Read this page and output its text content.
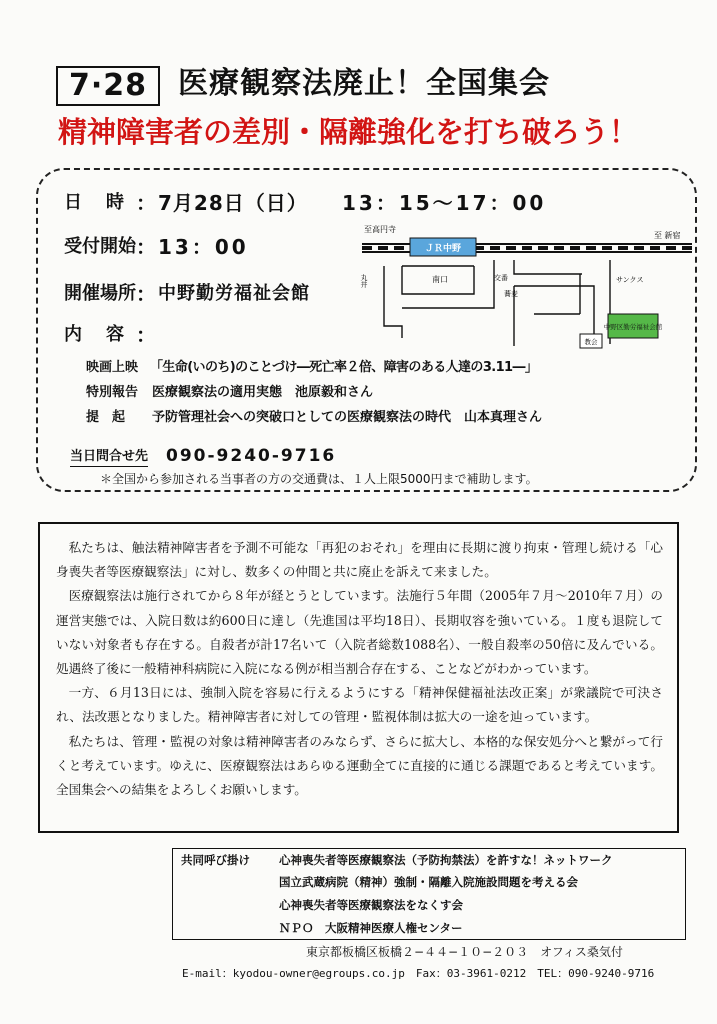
7·28	医療観察法廃止！全国集会
精神障害者の差別・隔離強化を打ち破ろう！
日　時 ： 7月28日（日） 13：15〜17：00
受付開始 ： 13：00
開催場所 ： 中野勤労福祉会館
内　容 ：
映画上映 「生命(いのち)のことづけ―死亡率２倍、障害のある人達の3.11―」
特別報告 医療観察法の適用実態　池原毅和さん
提　起 予防管理社会への突破口としての医療観察法の時代　山本真理さん
当日問合せ先 090-9240-9716
＊全国から参加される当事者の方の交通費は、１人上限5000円まで補助します。
ＪＲ中野
至高円寺
至 新宿
南口	交番
蕎麦
サンクス
丸井
中野区勤労福祉会館
教会

私たちは、触法精神障害者を予測不可能な「再犯のおそれ」を理由に長期に渡り拘束・管理し続ける「心身喪失者等医療観察法」に対し、数多くの仲間と共に廃止を訴えて来ました。

医療観察法は施行されてから８年が経とうとしています。法施行５年間（2005年７月〜2010年７月）の運営実態では、入院日数は約600日に達し（先進国は平均18日）、長期収容を強いている。１度も退院していない対象者も存在する。自殺者が計17名いて（入院者総数1088名）、一般自殺率の50倍に及んでいる。処遇終了後に一般精神科病院に入院になる例が相当割合存在する、ことなどがわかっています。

一方、６月13日には、強制入院を容易に行えるようにする「精神保健福祉法改正案」が衆議院で可決され、法改悪となりました。精神障害者に対しての管理・監視体制は拡大の一途を辿っています。

私たちは、管理・監視の対象は精神障害者のみならず、さらに拡大し、本格的な保安処分へと繋がって行くと考えています。ゆえに、医療観察法はあらゆる運動全てに直接的に通じる課題であると考えています。全国集会への結集をよろしくお願いします。

共同呼び掛け	心神喪失者等医療観察法（予防拘禁法）を許すな！ネットワーク
国立武蔵病院（精神）強制・隔離入院施設問題を考える会
心神喪失者等医療観察法をなくす会
ＮＰＯ　大阪精神医療人権センター
東京都板橋区板橋２−４４−１０−２０３　オフィス桑気付
E-mail：kyodou-owner@egroups.co.jp　Fax：03-3961-0212　TEL：090-9240-9716
